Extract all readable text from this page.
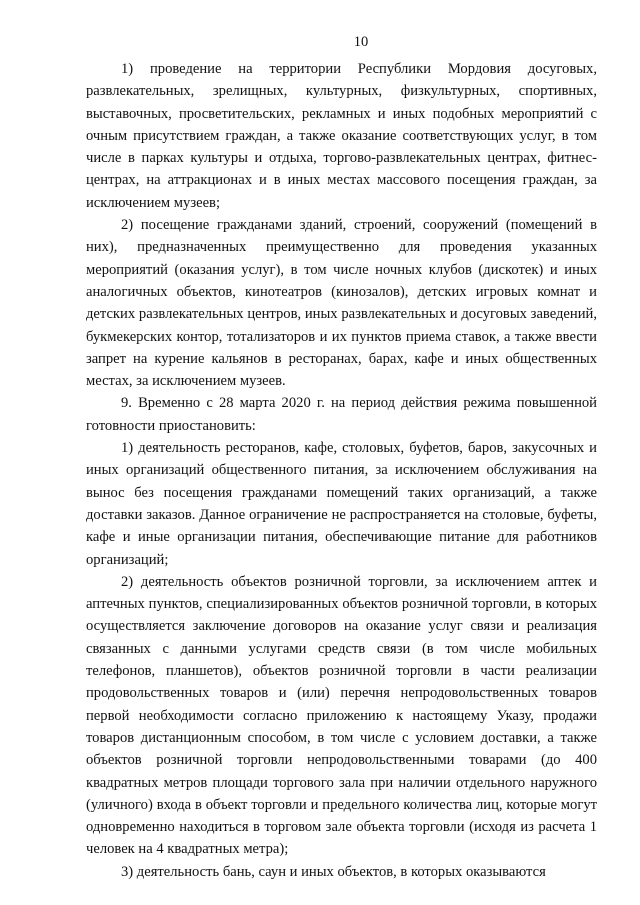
10

1) проведение на территории Республики Мордовия досуговых, развлекательных, зрелищных, культурных, физкультурных, спортивных, выставочных, просветительских, рекламных и иных подобных мероприятий с очным присутствием граждан, а также оказание соответствующих услуг, в том числе в парках культуры и отдыха, торгово-развлекательных центрах, фитнес-центрах, на аттракционах и в иных местах массового посещения граждан, за исключением музеев;

2) посещение гражданами зданий, строений, сооружений (помещений в них), предназначенных преимущественно для проведения указанных мероприятий (оказания услуг), в том числе ночных клубов (дискотек) и иных аналогичных объектов, кинотеатров (кинозалов), детских игровых комнат и детских развлекательных центров, иных развлекательных и досуговых заведений, букмекерских контор, тотализаторов и их пунктов приема ставок, а также ввести запрет на курение кальянов в ресторанах, барах, кафе и иных общественных местах, за исключением музеев.

9. Временно с 28 марта 2020 г. на период действия режима повышенной готовности приостановить:

1) деятельность ресторанов, кафе, столовых, буфетов, баров, закусочных и иных организаций общественного питания, за исключением обслуживания на вынос без посещения гражданами помещений таких организаций, а также доставки заказов. Данное ограничение не распространяется на столовые, буфеты, кафе и иные организации питания, обеспечивающие питание для работников организаций;

2) деятельность объектов розничной торговли, за исключением аптек и аптечных пунктов, специализированных объектов розничной торговли, в которых осуществляется заключение договоров на оказание услуг связи и реализация связанных с данными услугами средств связи (в том числе мобильных телефонов, планшетов), объектов розничной торговли в части реализации продовольственных товаров и (или) перечня непродовольственных товаров первой необходимости согласно приложению к настоящему Указу, продажи товаров дистанционным способом, в том числе с условием доставки, а также объектов розничной торговли непродовольственными товарами (до 400 квадратных метров площади торгового зала при наличии отдельного наружного (уличного) входа в объект торговли и предельного количества лиц, которые могут одновременно находиться в торговом зале объекта торговли (исходя из расчета 1 человек на 4 квадратных метра);

3) деятельность бань, саун и иных объектов, в которых оказываются
